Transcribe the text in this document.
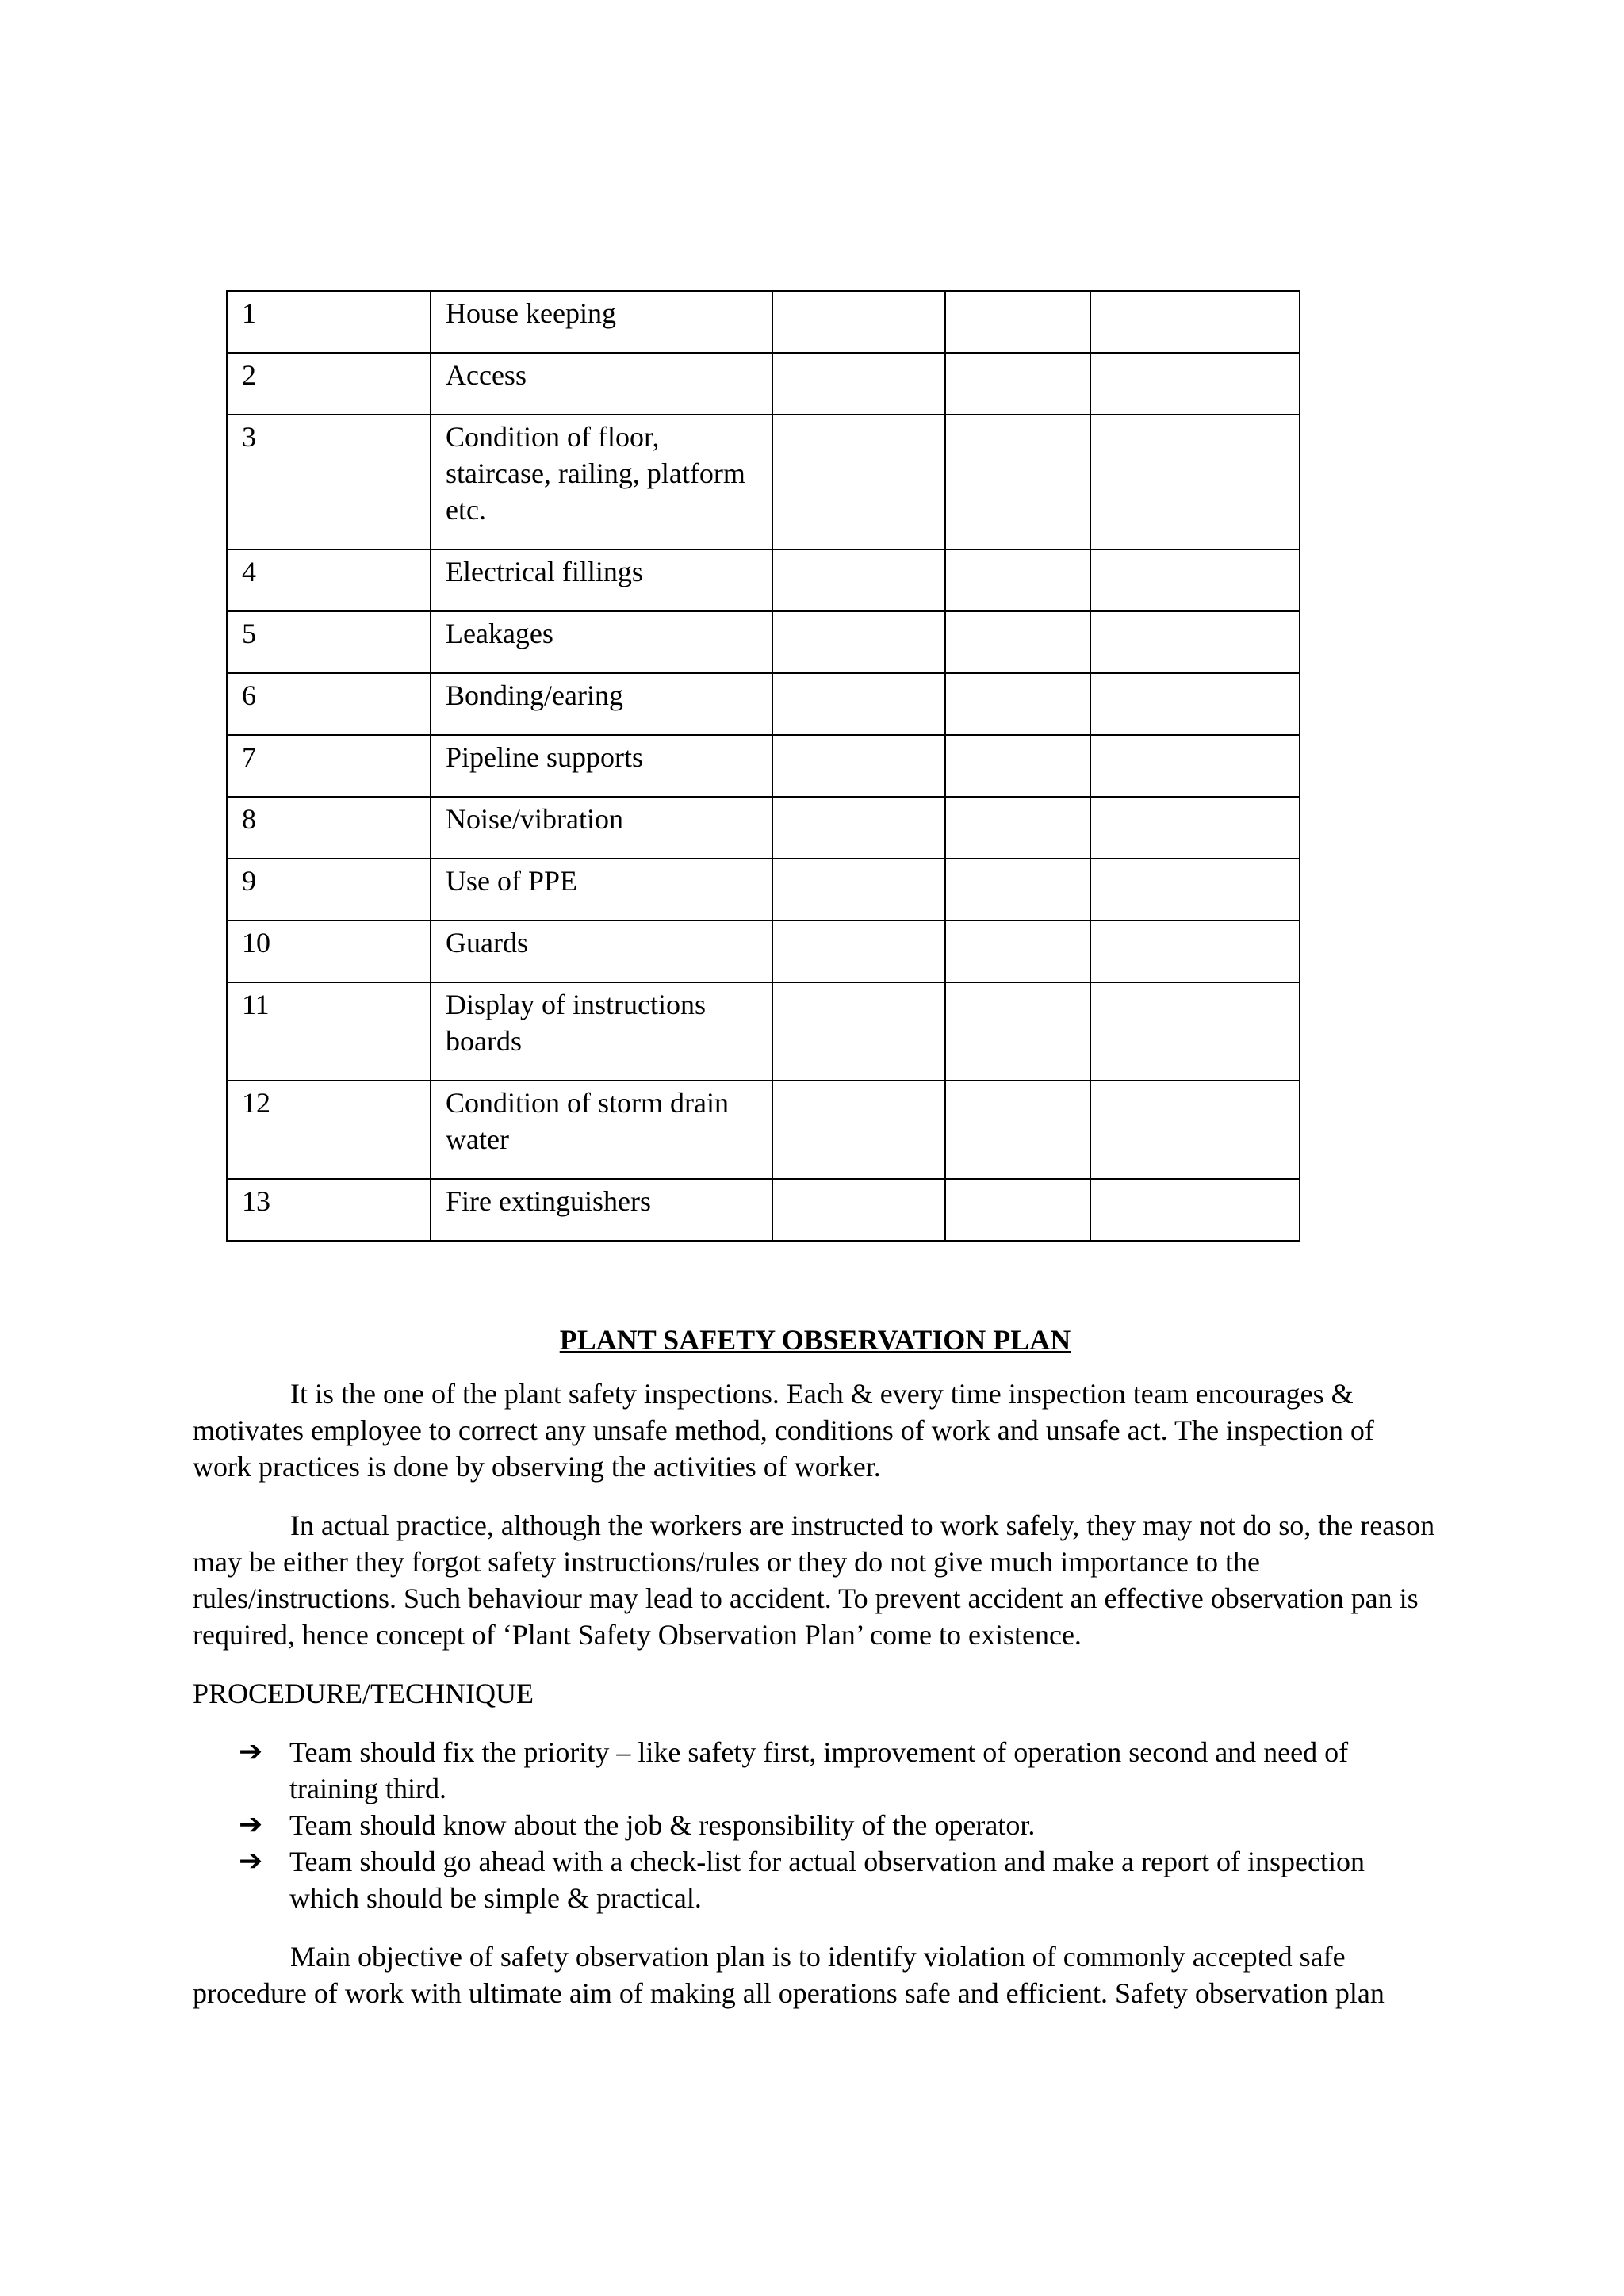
1	House keeping			
2	Access			
3	Condition of floor, staircase, railing, platform etc.			
4	Electrical fillings			
5	Leakages			
6	Bonding/earing			
7	Pipeline supports			
8	Noise/vibration			
9	Use of PPE			
10	Guards			
11	Display of instructions boards			
12	Condition of storm drain water			
13	Fire extinguishers			
PLANT SAFETY OBSERVATION PLAN

It is the one of the plant safety inspections. Each & every time inspection team encourages & motivates employee to correct any unsafe method, conditions of work and unsafe act. The inspection of work practices is done by observing the activities of worker.

In actual practice, although the workers are instructed to work safely, they may not do so, the reason may be either they forgot safety instructions/rules or they do not give much importance to the rules/instructions. Such behaviour may lead to accident. To prevent accident an effective observation pan is required, hence concept of ‘Plant Safety Observation Plan’ come to existence.

PROCEDURE/TECHNIQUE

➔ Team should fix the priority – like safety first, improvement of operation second and need of training third.
➔ Team should know about the job & responsibility of the operator.
➔ Team should go ahead with a check-list for actual observation and make a report of inspection which should be simple & practical.

Main objective of safety observation plan is to identify violation of commonly accepted safe procedure of work with ultimate aim of making all operations safe and efficient. Safety observation plan
